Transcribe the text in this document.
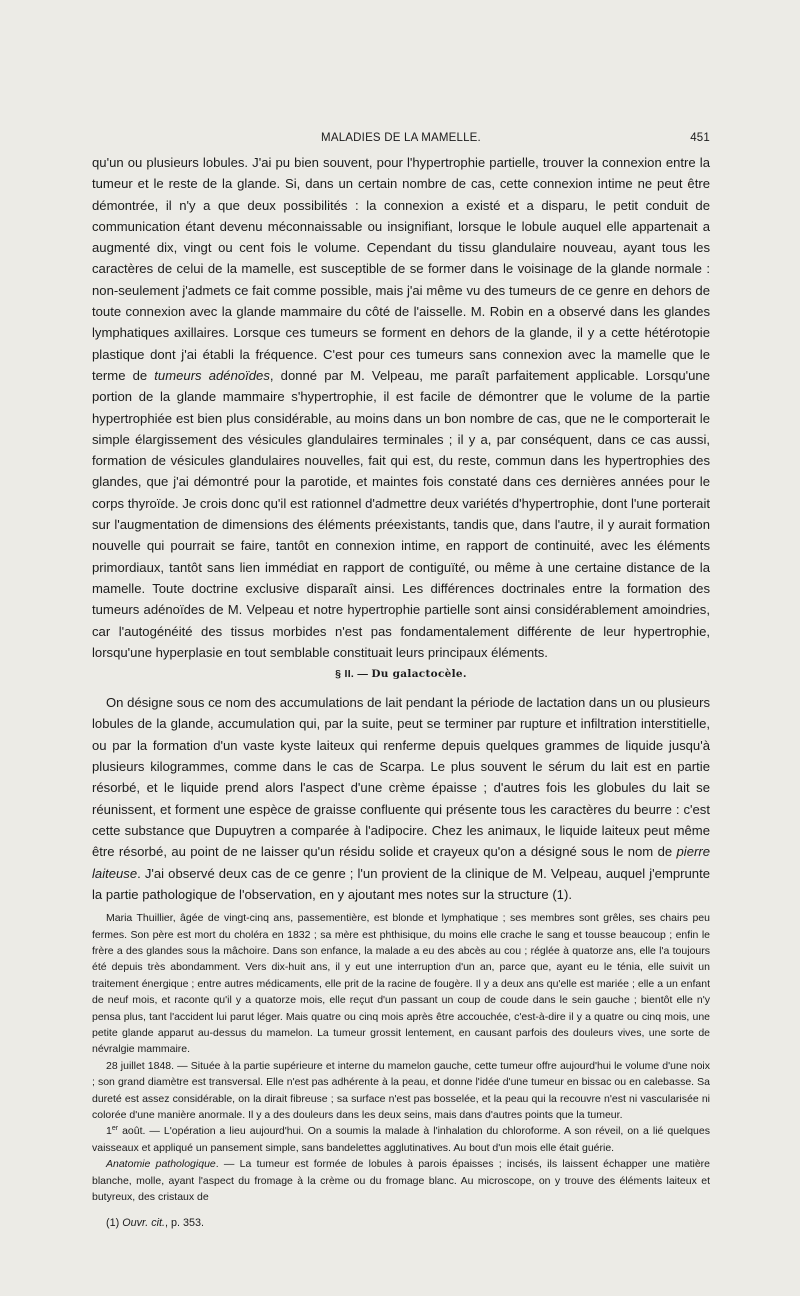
MALADIES DE LA MAMELLE.	451

qu'un ou plusieurs lobules. J'ai pu bien souvent, pour l'hypertrophie partielle, trouver la connexion entre la tumeur et le reste de la glande. Si, dans un certain nombre de cas, cette connexion intime ne peut être démontrée, il n'y a que deux possibilités : la connexion a existé et a disparu, le petit conduit de communication étant devenu méconnaissable ou insignifiant, lorsque le lobule auquel elle appartenait a augmenté dix, vingt ou cent fois le volume. Cependant du tissu glandulaire nouveau, ayant tous les caractères de celui de la mamelle, est susceptible de se former dans le voisinage de la glande normale : non-seulement j'admets ce fait comme possible, mais j'ai même vu des tumeurs de ce genre en dehors de toute connexion avec la glande mammaire du côté de l'aisselle. M. Robin en a observé dans les glandes lymphatiques axillaires. Lorsque ces tumeurs se forment en dehors de la glande, il y a cette hétérotopie plastique dont j'ai établi la fréquence. C'est pour ces tumeurs sans connexion avec la mamelle que le terme de tumeurs adénoïdes, donné par M. Velpeau, me paraît parfaitement applicable. Lorsqu'une portion de la glande mammaire s'hypertrophie, il est facile de démontrer que le volume de la partie hypertrophiée est bien plus considérable, au moins dans un bon nombre de cas, que ne le comporterait le simple élargissement des vésicules glandulaires terminales ; il y a, par conséquent, dans ce cas aussi, formation de vésicules glandulaires nouvelles, fait qui est, du reste, commun dans les hypertrophies des glandes, que j'ai démontré pour la parotide, et maintes fois constaté dans ces dernières années pour le corps thyroïde. Je crois donc qu'il est rationnel d'admettre deux variétés d'hypertrophie, dont l'une porterait sur l'augmentation de dimensions des éléments préexistants, tandis que, dans l'autre, il y aurait formation nouvelle qui pourrait se faire, tantôt en connexion intime, en rapport de continuité, avec les éléments primordiaux, tantôt sans lien immédiat en rapport de contiguïté, ou même à une certaine distance de la mamelle. Toute doctrine exclusive disparaît ainsi. Les différences doctrinales entre la formation des tumeurs adénoïdes de M. Velpeau et notre hypertrophie partielle sont ainsi considérablement amoindries, car l'autogénéité des tissus morbides n'est pas fondamentalement différente de leur hypertrophie, lorsqu'une hyperplasie en tout semblable constituait leurs principaux éléments.

§ II. — Du galactocèle.

On désigne sous ce nom des accumulations de lait pendant la période de lactation dans un ou plusieurs lobules de la glande, accumulation qui, par la suite, peut se terminer par rupture et infiltration interstitielle, ou par la formation d'un vaste kyste laiteux qui renferme depuis quelques grammes de liquide jusqu'à plusieurs kilogrammes, comme dans le cas de Scarpa. Le plus souvent le sérum du lait est en partie résorbé, et le liquide prend alors l'aspect d'une crème épaisse ; d'autres fois les globules du lait se réunissent, et forment une espèce de graisse confluente qui présente tous les caractères du beurre : c'est cette substance que Dupuytren a comparée à l'adipocire. Chez les animaux, le liquide laiteux peut même être résorbé, au point de ne laisser qu'un résidu solide et crayeux qu'on a désigné sous le nom de pierre laiteuse. J'ai observé deux cas de ce genre ; l'un provient de la clinique de M. Velpeau, auquel j'emprunte la partie pathologique de l'observation, en y ajoutant mes notes sur la structure (1).

Maria Thuillier, âgée de vingt-cinq ans, passementière, est blonde et lymphatique ; ses membres sont grêles, ses chairs peu fermes. Son père est mort du choléra en 1832 ; sa mère est phthisique, du moins elle crache le sang et tousse beaucoup ; enfin le frère a des glandes sous la mâchoire. Dans son enfance, la malade a eu des abcès au cou ; réglée à quatorze ans, elle l'a toujours été depuis très abondamment. Vers dix-huit ans, il y eut une interruption d'un an, parce que, ayant eu le ténia, elle suivit un traitement énergique ; entre autres médicaments, elle prit de la racine de fougère. Il y a deux ans qu'elle est mariée ; elle a un enfant de neuf mois, et raconte qu'il y a quatorze mois, elle reçut d'un passant un coup de coude dans le sein gauche ; bientôt elle n'y pensa plus, tant l'accident lui parut léger. Mais quatre ou cinq mois après être accouchée, c'est-à-dire il y a quatre ou cinq mois, une petite glande apparut au-dessus du mamelon. La tumeur grossit lentement, en causant parfois des douleurs vives, une sorte de névralgie mammaire.

28 juillet 1848. — Située à la partie supérieure et interne du mamelon gauche, cette tumeur offre aujourd'hui le volume d'une noix ; son grand diamètre est transversal. Elle n'est pas adhérente à la peau, et donne l'idée d'une tumeur en bissac ou en calebasse. Sa dureté est assez considérable, on la dirait fibreuse ; sa surface n'est pas bosselée, et la peau qui la recouvre n'est ni vascularisée ni colorée d'une manière anormale. Il y a des douleurs dans les deux seins, mais dans d'autres points que la tumeur.

1er août. — L'opération a lieu aujourd'hui. On a soumis la malade à l'inhalation du chloroforme. A son réveil, on a lié quelques vaisseaux et appliqué un pansement simple, sans bandelettes agglutinatives. Au bout d'un mois elle était guérie.

Anatomie pathologique. — La tumeur est formée de lobules à parois épaisses ; incisés, ils laissent échapper une matière blanche, molle, ayant l'aspect du fromage à la crème ou du fromage blanc. Au microscope, on y trouve des éléments laiteux et butyreux, des cristaux de

(1) Ouvr. cit., p. 353.
